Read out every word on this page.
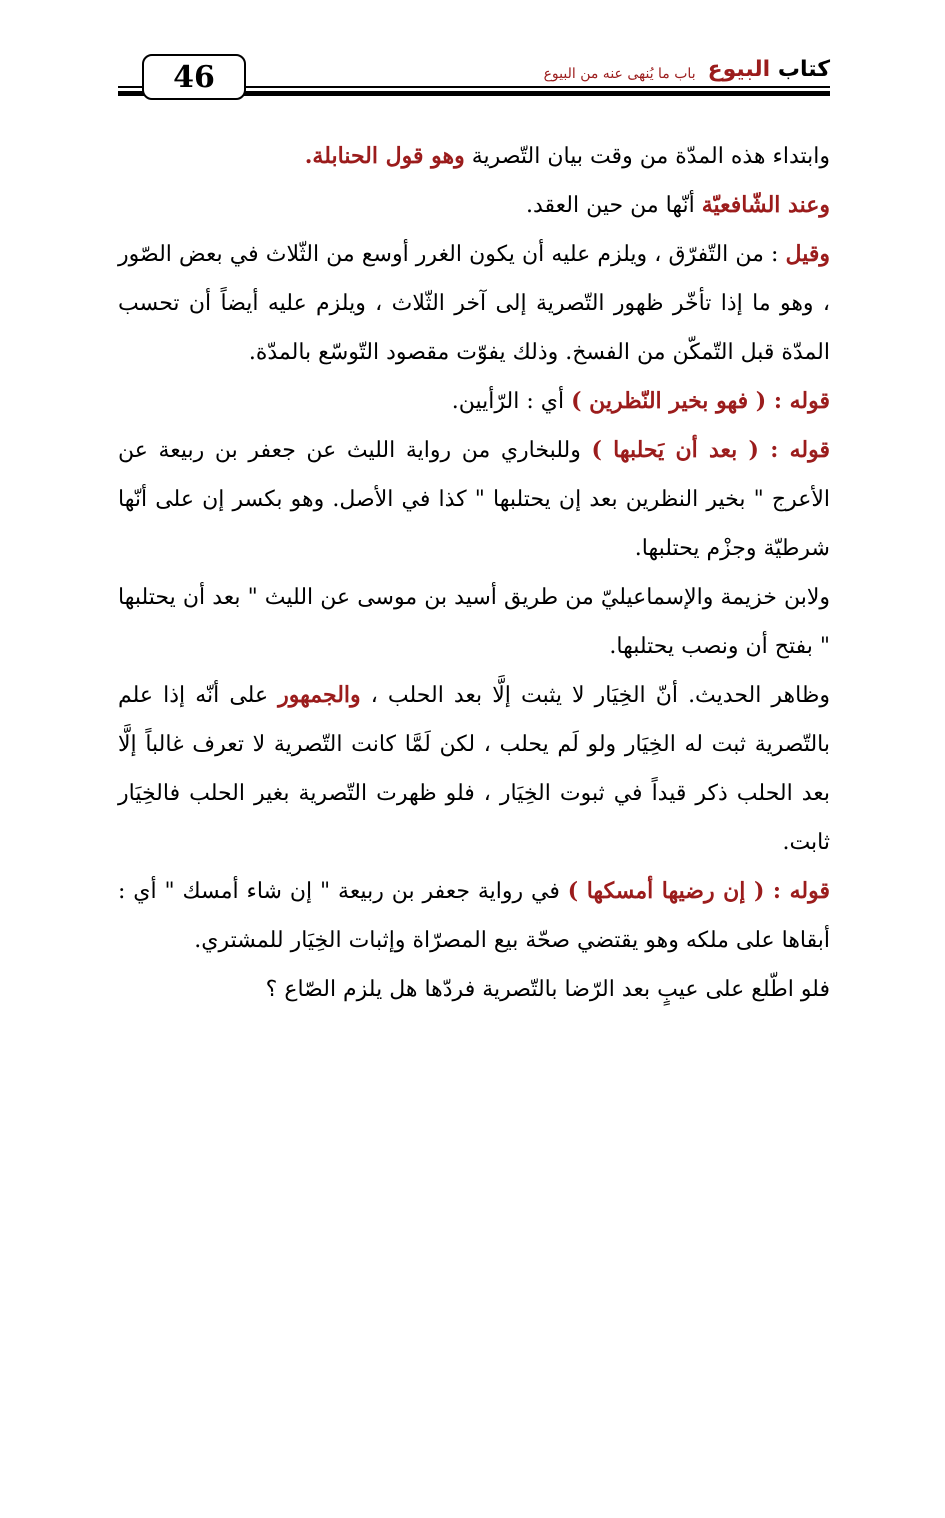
46	كتاب البيوع
باب ما يُنهى عنه من البيوع

وابتداء هذه المدّة من وقت بيان التّصرية وهو قول الحنابلة.

وعند الشّافعيّة أنّها من حين العقد.

وقيل : من التّفرّق ، ويلزم عليه أن يكون الغرر أوسع من الثّلاث في بعض الصّور ، وهو ما إذا تأخّر ظهور التّصرية إلى آخر الثّلاث ، ويلزم عليه أيضاً أن تحسب المدّة قبل التّمكّن من الفسخ. وذلك يفوّت مقصود التّوسّع بالمدّة.

قوله : ( فهو بخير النّظرين ) أي : الرّأيين.

قوله : ( بعد أن يَحلبها ) وللبخاري من رواية الليث عن جعفر بن ربيعة عن الأعرج " بخير النظرين بعد إن يحتلبها " كذا في الأصل. وهو بكسر إن على أنّها شرطيّة وجزْم يحتلبها.

ولابن خزيمة والإسماعيليّ من طريق أسيد بن موسى عن الليث " بعد أن يحتلبها " بفتح أن ونصب يحتلبها.

وظاهر الحديث. أنّ الخِيَار لا يثبت إلَّا بعد الحلب ، والجمهور على أنّه إذا علم بالتّصرية ثبت له الخِيَار ولو لَم يحلب ، لكن لَمَّا كانت التّصرية لا تعرف غالباً إلَّا بعد الحلب ذكر قيداً في ثبوت الخِيَار ، فلو ظهرت التّصرية بغير الحلب فالخِيَار ثابت.

قوله : ( إن رضيها أمسكها ) في رواية جعفر بن ربيعة " إن شاء أمسك " أي : أبقاها على ملكه وهو يقتضي صحّة بيع المصرّاة وإثبات الخِيَار للمشتري.

فلو اطّلع على عيبٍ بعد الرّضا بالتّصرية فردّها هل يلزم الصّاع ؟
